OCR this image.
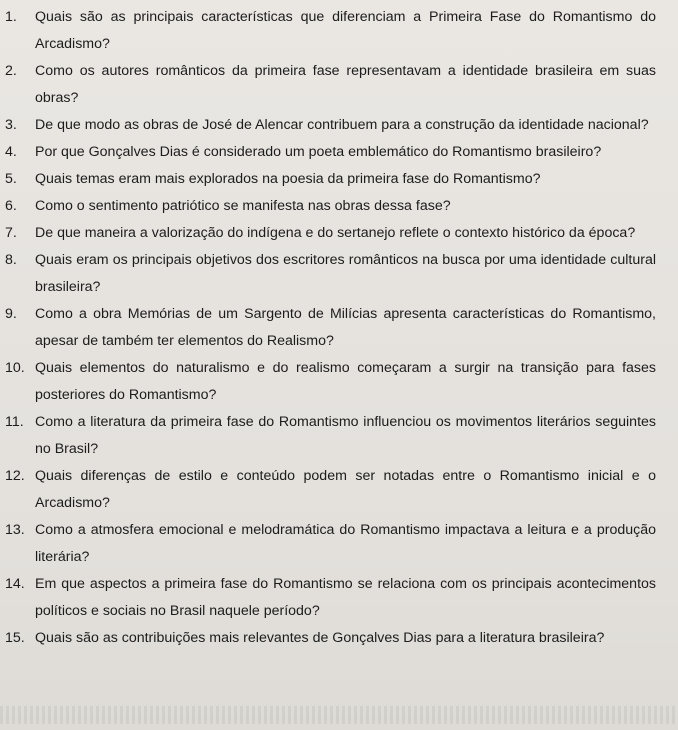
1.	Quais são as principais características que diferenciam a Primeira Fase do Romantismo do Arcadismo?
2.	Como os autores românticos da primeira fase representavam a identidade brasileira em suas obras?
3.	De que modo as obras de José de Alencar contribuem para a construção da identidade nacional?
4.	Por que Gonçalves Dias é considerado um poeta emblemático do Romantismo brasileiro?
5.	Quais temas eram mais explorados na poesia da primeira fase do Romantismo?
6.	Como o sentimento patriótico se manifesta nas obras dessa fase?
7.	De que maneira a valorização do indígena e do sertanejo reflete o contexto histórico da época?
8.	Quais eram os principais objetivos dos escritores românticos na busca por uma identidade cultural brasileira?
9.	Como a obra Memórias de um Sargento de Milícias apresenta características do Romantismo, apesar de também ter elementos do Realismo?
10. Quais elementos do naturalismo e do realismo começaram a surgir na transição para fases posteriores do Romantismo?
11. Como a literatura da primeira fase do Romantismo influenciou os movimentos literários seguintes no Brasil?
12. Quais diferenças de estilo e conteúdo podem ser notadas entre o Romantismo inicial e o Arcadismo?
13. Como a atmosfera emocional e melodramática do Romantismo impactava a leitura e a produção literária?
14. Em que aspectos a primeira fase do Romantismo se relaciona com os principais acontecimentos políticos e sociais no Brasil naquele período?
15. Quais são as contribuições mais relevantes de Gonçalves Dias para a literatura brasileira?
